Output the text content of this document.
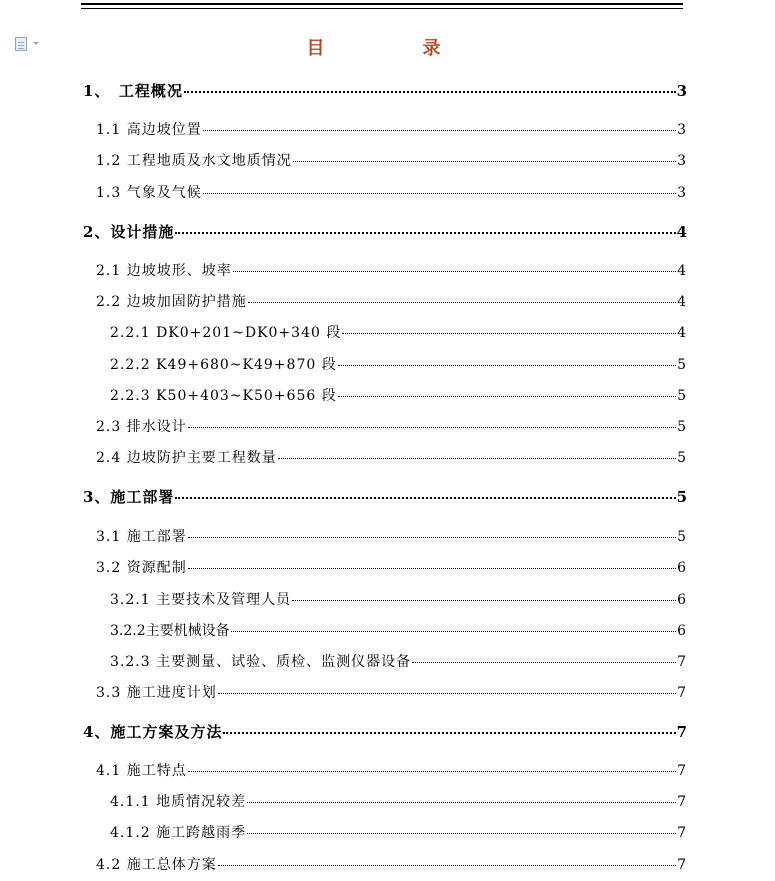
目　录
1、　工程概况	3
1.1 高边坡位置	3
1.2 工程地质及水文地质情况	3
1.3 气象及气候	3
2、设计措施	4
2.1 边坡坡形、坡率	4
2.2 边坡加固防护措施	4
2.2.1 DK0+201~DK0+340 段	4
2.2.2 K49+680~K49+870 段	5
2.2.3 K50+403~K50+656 段	5
2.3 排水设计	5
2.4 边坡防护主要工程数量	5
3、施工部署	5
3.1 施工部署	5
3.2 资源配制	6
3.2.1 主要技术及管理人员	6
3.2.2主要机械设备	6
3.2.3 主要测量、试验、质检、监测仪器设备	7
3.3 施工进度计划	7
4、施工方案及方法	7
4.1 施工特点	7
4.1.1 地质情况较差	7
4.1.2 施工跨越雨季	7
4.2 施工总体方案	7
